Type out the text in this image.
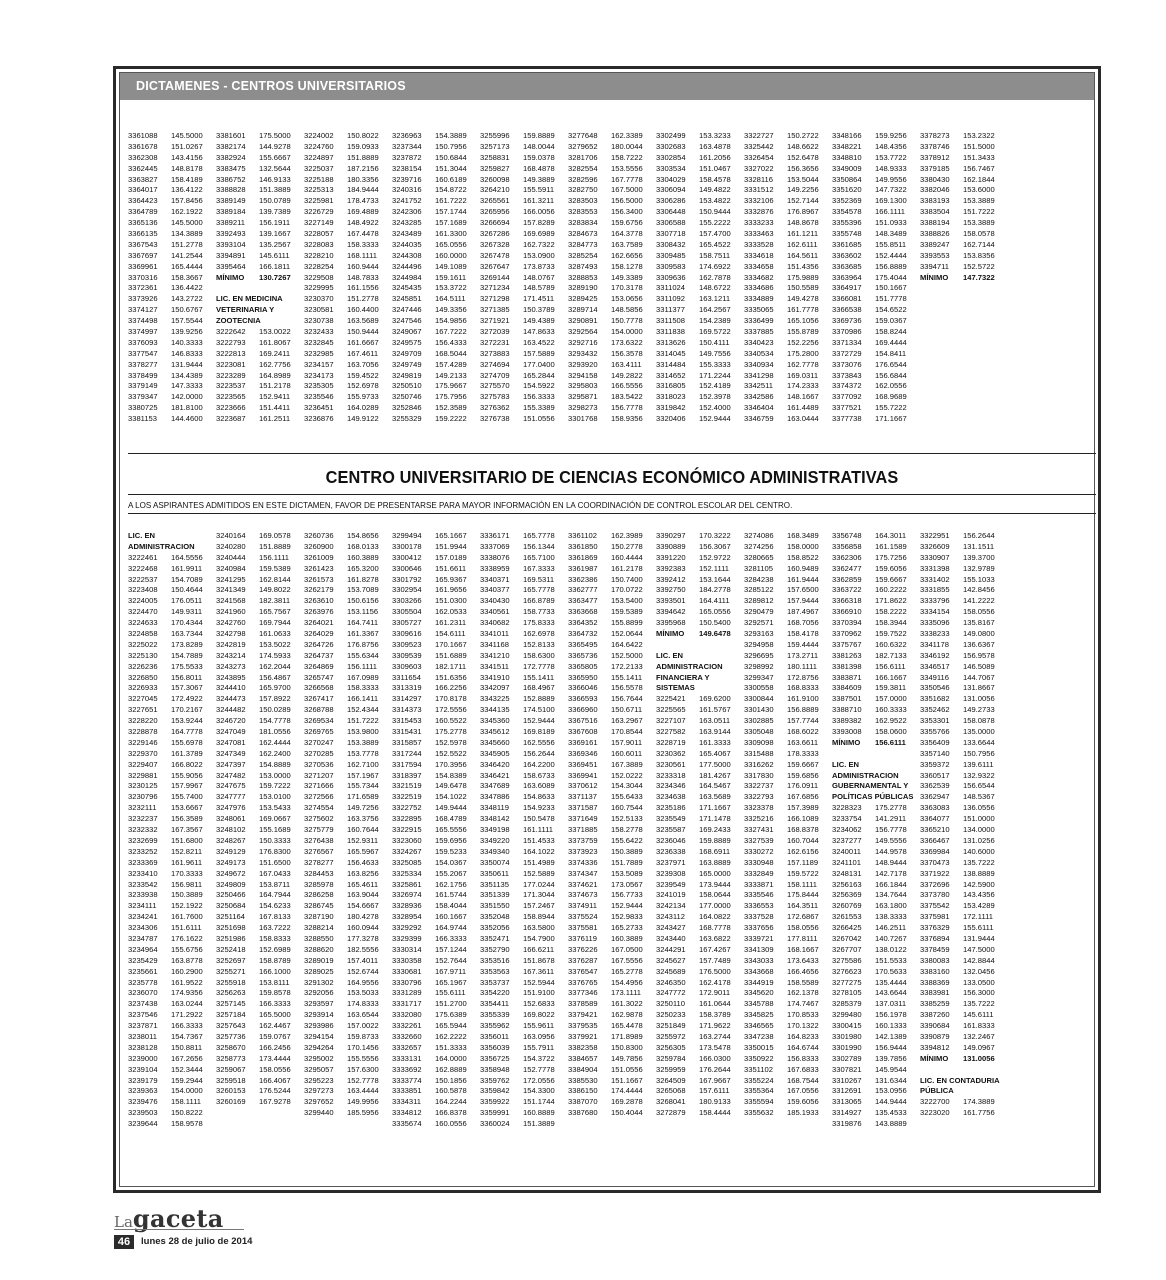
DICTAMENES - CENTROS UNIVERSITARIOS
3361088	145.5000
3361678	151.0267
3362308	143.4156
3362445	148.8178
3363827	158.4189
3364017	136.4122
3364423	157.8456
3364789	162.1922
3365136	145.5000
3366135	134.3889
3367543	151.2778
3367697	141.2544
3369961	165.4444
3370316	158.3667
3372361	136.4422
3373926	143.2722
3374127	150.6767
3374498	157.5544
3374997	139.9256
3376093	140.3333
3377547	146.8333
3378277	131.9444
3378499	134.4389
3379149	147.3333
3379347	142.0000
3380725	181.8100
3381153	144.4600
3381601	175.5000
3382174	144.9278
3382924	155.6667
3383475	132.5644
3386752	146.9133
3388828	151.3889
3389149	150.0789
3389184	139.7389
3389211	156.1911
3392493	139.1667
3393104	135.2567
3394891	145.6111
3395464	166.1811
MÍNIMO	130.7267
LIC. EN MEDICINA
VETERINARIA Y
ZOOTECNIA
3222642	153.0022
3222793	161.8067
3222813	169.2411
3223081	162.7756
3223289	164.8989
3223537	151.2178
3223565	152.9411
3223666	151.4411
3223687	161.2511
3224002	150.8022
3224760	159.0933
3224897	151.8889
3225037	187.2156
3225188	180.3356
3225313	184.9444
3225981	178.4733
3226729	169.4889
3227149	148.4922
3228057	167.4478
3228083	158.3333
3228210	168.1111
3228254	160.9444
3229508	148.7833
3229995	161.1556
3230370	151.2778
3230581	160.4400
3230738	163.5689
3232433	150.9444
3232845	161.6667
3232985	167.4611
3234157	163.7056
3234173	159.4522
3235305	152.6978
3235546	155.9733
3236451	164.0289
3236876	149.9122
3236963	154.3889
3237344	150.7956
3237872	150.6844
3238154	151.3044
3239716	160.6189
3240316	154.8722
3241752	161.7222
3242306	157.1744
3243285	157.1689
3243489	161.3300
3244035	165.0556
3244308	160.0000
3244496	149.1089
3244984	159.1611
3245435	153.3722
3245851	164.5111
3247446	149.3356
3247546	154.9856
3249067	167.7222
3249575	156.4333
3249709	168.5044
3249749	157.4289
3249819	149.2133
3250510	175.9667
3250746	175.7956
3252846	152.3589
3255329	159.2222
3255996	159.8889
3257173	148.0044
3258831	159.0378
3259827	168.4878
3260098	149.3889
3264210	155.5911
3265561	161.3211
3265956	166.0056
3266694	157.8289
3267286	169.6989
3267328	162.7322
3267478	153.0900
3267647	173.8733
3269144	148.0767
3271234	148.5789
3271298	171.4511
3271385	150.3789
3271921	149.4389
3272039	147.8633
3272231	163.4522
3273883	157.5889
3274694	177.0400
3274709	165.2844
3275570	154.5922
3275783	156.3333
3276362	155.3389
3276738	151.0556
3277648	162.3389
3279652	180.0044
3281706	158.7222
3282554	153.5556
3282596	167.7778
3282750	167.5000
3283503	156.5000
3283553	156.3400
3283834	159.6756
3284673	164.3778
3284773	163.7589
3285254	162.6656
3287493	158.1278
3288853	149.3389
3289190	170.3178
3289425	153.0656
3289714	148.5856
3290891	150.7778
3292564	154.0000
3292716	173.6322
3293432	156.3578
3293920	163.4111
3294158	149.2822
3295803	166.5556
3295871	183.5422
3298273	156.7778
3301768	158.9356
3302499	153.3233
3302683	163.4878
3302854	161.2056
3303534	151.0467
3304029	158.4578
3306094	149.4822
3306286	153.4822
3306448	150.9444
3306588	155.2222
3307718	157.4700
3308432	165.4522
3309485	158.7511
3309583	174.6922
3309636	162.7878
3311024	148.6722
3311092	163.1211
3311377	164.2567
3311508	154.2389
3311838	169.5722
3313626	150.4111
3314045	149.7556
3314484	155.3333
3314652	171.2244
3316805	152.4189
3318023	152.3978
3319842	152.4000
3320406	152.9444
3322727	150.2722
3325442	148.6622
3326454	152.6478
3327022	156.3656
3328116	153.5044
3331512	149.2256
3332106	152.7144
3332876	176.8967
3333233	148.8678
3333463	161.1211
3333528	162.6111
3334618	164.5611
3334658	151.4356
3334682	175.9889
3334686	150.5589
3334889	149.4278
3335065	161.7778
3336499	165.1056
3337885	155.8789
3340423	152.2256
3340534	175.2800
3340934	162.7778
3341298	169.0311
3342511	174.2333
3342586	148.1667
3346404	161.4489
3346759	163.0444
3348166	159.9256
3348221	148.4356
3348810	153.7722
3349009	148.9333
3350864	149.9556
3351620	147.7322
3352369	169.1300
3354578	166.1111
3355396	151.0933
3355748	148.3489
3361685	155.8511
3363602	152.4444
3363685	156.8889
3363964	175.4044
3364917	150.1667
3366081	151.7778
3366538	154.6522
3369736	159.0367
3370986	158.8244
3371334	169.4444
3372729	154.8411
3373076	176.6544
3373843	156.6844
3374372	162.0556
3377092	168.9689
3377521	155.7222
3377738	171.1667
3378273	153.2322
3378746	151.5000
3378912	151.3433
3379185	156.7467
3380430	162.1844
3382046	153.6000
3383193	153.3889
3383504	151.7222
3388194	153.3889
3388826	158.0578
3389247	162.7144
3393553	153.8356
3394711	152.5722
MÍNIMO	147.7322
CENTRO UNIVERSITARIO DE CIENCIAS ECONÓMICO ADMINISTRATIVAS
A LOS ASPIRANTES ADMITIDOS EN ESTE DICTAMEN, FAVOR DE PRESENTARSE PARA MAYOR INFORMACIÓN EN LA COORDINACIÓN DE CONTROL ESCOLAR DEL CENTRO.
LIC. EN
ADMINISTRACION
3222461	164.5556
3222468	161.9911
3222537	154.7089
3223408	150.4644
3224005	176.0511
3224470	149.9311
3224633	170.4344
3224858	163.7344
3225022	173.8289
3225130	154.7889
3226236	175.5533
3226850	156.8011
3226933	157.3067
3227045	172.4922
3227651	170.2167
3228220	153.9244
3228878	164.7778
3229146	155.6978
3229370	161.3789
3229407	166.8022
3229881	155.9056
3230125	157.9967
3230796	155.7400
3232111	153.6667
3232237	156.3589
3232332	167.3567
3232699	151.6800
3233252	152.8211
3233369	161.9611
3233410	170.3333
3233542	156.9811
3233938	150.3889
3234111	152.1922
3234241	161.7600
3234306	151.6111
3234787	176.1622
3234964	155.6756
3235429	163.8778
3235661	160.2900
3235778	161.9522
3236070	174.9356
3237438	163.0244
3237546	171.2922
3237871	166.3333
3238011	154.7367
3238128	150.8811
3239000	167.2656
3239104	152.3444
3239179	159.2944
3239363	154.0000
3239476	158.1111
3239503	150.8222
3239644	158.9578
3240164	169.0578
3240280	151.8889
3240444	156.1111
3240984	159.5389
3241295	162.8144
3241349	149.8022
3241568	182.3811
3241960	165.7567
3242760	169.7944
3242798	161.0633
3242819	153.5022
3243214	174.5933
3243273	162.2044
3243895	156.4867
3244410	165.9700
3244473	157.8922
3244482	150.0289
3246720	154.7778
3247049	181.0556
3247081	162.4444
3247349	162.2400
3247397	154.8889
3247482	153.0000
3247675	159.7222
3247777	153.0100
3247976	153.5433
3248061	169.0667
3248102	155.1689
3248267	150.3333
3249129	176.8300
3249173	151.6500
3249672	167.0433
3249809	153.8711
3250466	164.7944
3250684	154.6233
3251164	167.8133
3251698	163.7222
3251986	158.8333
3252418	152.6989
3252697	158.8789
3255271	166.1000
3255918	153.8111
3256263	159.8578
3257145	166.3333
3257184	165.5000
3257643	162.4467
3257736	159.0767
3258670	166.2456
3258773	173.4444
3259067	158.0556
3259518	166.4067
3260153	176.5244
3260169	167.9278
3260736	154.8656
3260900	168.0133
3261009	160.3889
3261423	165.3200
3261573	161.8278
3262179	153.7089
3263610	150.6156
3263976	153.1156
3264021	164.7411
3264029	161.3367
3264726	176.8756
3264737	155.6344
3264869	156.1111
3265747	167.0989
3266568	158.3333
3267417	166.1411
3268788	152.4344
3269534	151.7222
3269765	153.9800
3270247	153.3889
3270285	153.7778
3270536	162.7100
3271207	157.1967
3271666	155.7344
3272566	171.6589
3274554	149.7256
3275602	163.3756
3275779	160.7644
3276438	152.9311
3276567	165.5967
3278277	156.4633
3284453	163.8256
3285978	165.4611
3286258	163.9044
3286745	154.6667
3287190	180.4278
3288214	160.0944
3288550	177.3278
3288620	182.5556
3289019	157.4011
3289025	152.6744
3291302	164.9556
3292056	153.5033
3293597	174.8333
3293914	163.6544
3293986	157.0022
3294154	159.8733
3294264	170.1456
3295002	155.5556
3295057	157.6300
3295223	152.7778
3297273	163.4444
3297652	149.9956
3299440	185.5956
3299494	165.1667
3300178	151.9944
3300412	157.0189
3300646	151.6611
3301792	165.9367
3302954	161.9656
3303266	151.0300
3305504	162.0533
3305727	161.2311
3309616	154.6111
3309523	170.1667
3309539	151.6889
3309603	182.1711
3311654	151.6356
3313319	166.2256
3314297	170.8178
3314373	172.5556
3315453	160.5522
3315431	175.2778
3315857	152.5978
3317244	152.5522
3317594	170.3956
3318397	154.8389
3321519	149.6478
3322519	154.1022
3322752	149.9444
3322895	168.4789
3322915	165.5556
3323060	159.6956
3324267	159.5233
3325085	154.0367
3325334	155.2067
3325861	162.1756
3326974	161.5744
3328936	158.4044
3328954	160.1667
3329292	164.9744
3329399	166.3333
3330314	157.1244
3330358	152.7644
3330681	167.9711
3330796	165.1967
3331289	155.6111
3331717	151.2700
3332080	175.6389
3332261	165.5944
3332660	162.2222
3332657	151.3333
3333131	164.0000
3333692	162.8889
3333774	150.1856
3333851	160.5878
3334311	164.2244
3334812	166.8378
3335674	160.0556
3336171	165.7778
3337069	156.1344
3338076	165.7100
3338959	167.3333
3340371	169.5311
3340377	165.7778
3340430	166.8789
3340561	158.7733
3340682	175.8333
3341011	162.6978
3341168	152.8133
3341210	158.6300
3341511	172.7778
3341910	155.1411
3342097	168.4967
3343225	152.8889
3344135	174.5100
3345360	152.9444
3345612	169.8189
3345660	162.5556
3345905	156.2644
3346420	164.2200
3346421	158.6733
3347689	163.6089
3347886	154.8633
3348119	154.9233
3348142	150.5478
3349198	161.1111
3349220	151.4533
3349340	164.1022
3350074	151.4989
3350611	152.5889
3351135	177.0244
3351339	171.3044
3351550	157.2467
3352048	158.8944
3352056	163.5800
3352471	154.7900
3352790	166.6211
3353516	151.8678
3353563	167.3611
3353737	152.5944
3354220	151.9100
3354411	152.6833
3355339	169.8022
3355962	155.9611
3356011	163.0956
3356039	155.7911
3356725	154.3722
3358948	152.7778
3359762	172.0556
3359842	154.3300
3359922	151.1744
3359991	160.8889
3360024	151.3889
3361102	162.3989
3361850	150.2778
3361869	160.4444
3361987	161.2178
3362386	150.7400
3362777	170.0722
3363477	153.5400
3363668	159.5389
3364352	155.8899
3364732	152.0644
3365495	164.6422
3365736	152.5000
3365805	172.2133
3365950	155.1411
3366046	156.5578
3366593	156.7644
3366960	150.6711
3367516	163.2967
3367608	170.8544
3369161	157.9011
3369346	160.6011
3369451	167.3889
3369941	152.0222
3370612	154.3044
3371137	155.6433
3371587	160.7544
3371649	152.5133
3371885	158.2778
3373759	155.6422
3373923	150.3889
3374336	151.7889
3374347	153.5089
3374621	173.0567
3374673	156.7733
3374911	152.9444
3375524	152.9833
3375581	165.2733
3376119	160.3889
3376226	167.0500
3376287	167.5556
3376547	165.2778
3376765	154.4956
3377346	173.1111
3378589	161.3022
3379421	162.9878
3379535	165.4478
3379921	171.8989
3382358	150.8300
3384657	149.7856
3384904	151.0556
3385530	151.1667
3386150	174.4444
3387070	169.2878
3387680	150.4044
3390297	170.3222
3390889	156.3067
3391220	152.9722
3392383	152.1111
3392412	153.1644
3392750	184.2778
3393501	164.4111
3394642	165.0556
3395968	150.5400
MÍNIMO	149.6478
LIC. EN
ADMINISTRACION
FINANCIERA Y
SISTEMAS
3225421	169.6200
3225565	161.5767
3227107	163.0511
3227582	163.9144
3228719	161.3333
3230362	165.4067
3230561	177.5000
3233318	181.4267
3234346	164.5467
3234638	163.5689
3235186	171.1667
3235549	171.1478
3235587	169.2433
3236046	159.8889
3236338	168.6911
3237971	163.8889
3239308	165.0000
3239549	173.9444
3241019	158.0644
3242134	177.0000
3243112	164.0822
3243427	168.7778
3243440	163.6822
3244291	167.4267
3245627	157.7489
3245689	176.5000
3246350	162.4178
3247772	172.9011
3250110	161.0644
3250233	158.3789
3251849	171.9622
3255972	163.2744
3256305	173.5478
3259784	166.0300
3259959	176.2644
3264509	167.9667
3265068	157.6111
3268041	180.9133
3272879	158.4444
3274086	168.3489
3274256	158.0000
3280665	158.8522
3281105	160.9489
3284238	161.9444
3285122	157.6500
3289812	157.9444
3290479	187.4967
3292571	168.7056
3293163	158.4178
3294958	159.4444
3296695	173.2711
3298992	180.1111
3299347	172.8756
3300558	168.8333
3300844	161.9100
3301430	156.8889
3302885	157.7744
3305048	168.6022
3309098	163.6611
3315488	178.3333
3316262	159.6667
3317830	159.6856
3322737	176.0911
3322793	167.6856
3323378	157.3989
3325216	166.1089
3327431	168.8378
3327539	160.7044
3330272	162.6156
3330948	157.1189
3332849	159.5722
3333871	158.1111
3335546	175.8444
3336553	164.3511
3337528	172.6867
3337656	158.0556
3339721	177.8111
3341309	168.1667
3343033	173.6433
3343668	166.4656
3344919	158.5589
3345620	162.1378
3345788	174.7467
3345825	170.8533
3346565	170.1322
3347238	164.8233
3350015	164.6744
3350922	156.8333
3351102	167.6833
3355224	168.7544
3355364	167.0556
3355594	159.6056
3355632	185.1933
3356748	164.3011
3356858	161.1589
3362306	175.7256
3362477	159.6056
3362859	159.6667
3363722	160.2222
3366318	171.8622
3366910	158.2222
3370394	158.3944
3370962	159.7522
3375767	160.6322
3381263	182.7133
3381398	156.6111
3383871	166.1667
3384609	159.3811
3387501	157.0000
3388710	160.3333
3389382	162.9522
3393008	158.0600
MÍNIMO	156.6111
LIC. EN
ADMINISTRACION
GUBERNAMENTAL Y
POLÍTICAS PÚBLICAS
3228323	175.2778
3233754	141.2911
3234062	156.7778
3237277	149.5556
3240011	144.9578
3241101	148.9444
3248131	142.7178
3256163	166.1844
3256369	134.7644
3260769	163.1800
3261553	138.3333
3266425	146.2511
3267042	140.7267
3267707	138.0122
3275586	151.5533
3276623	170.5633
3277275	135.4444
3278105	143.6644
3285379	137.0311
3299480	156.1978
3300415	160.1333
3301980	142.1389
3301990	156.9444
3302789	139.7856
3307821	145.9544
3310267	131.6344
3312691	153.0956
3313065	144.9444
3314927	135.4533
3319876	143.8889
3322951	156.2644
3326609	131.1511
3330907	139.3700
3331398	132.9789
3331402	155.1033
3331855	142.8456
3333796	141.2222
3334154	158.0556
3335096	135.8167
3338233	149.0800
3341178	136.6367
3346192	156.9578
3346517	146.5089
3349116	144.7067
3350546	131.8667
3351682	131.0056
3352462	149.2733
3353301	158.0878
3355766	135.0000
3356409	133.6644
3357140	150.7956
3359372	139.6111
3360517	132.9322
3362539	156.6544
3362947	148.5367
3363083	136.0556
3364077	151.0000
3365210	134.0000
3366467	131.0256
3369984	140.6000
3370473	135.7222
3371922	138.8889
3372696	142.5900
3373780	143.4356
3375542	153.4289
3375981	172.1111
3376329	155.6111
3376894	131.9444
3378459	147.5000
3380083	142.8844
3383160	132.0456
3388369	133.0500
3383981	156.3000
3385259	135.7222
3387260	145.6111
3390684	161.8333
3390879	132.2467
3394812	149.0967
MÍNIMO	131.0056
LIC. EN CONTADURIA
PÚBLICA
3222700	174.3889
3223020	161.7756
Lagaceta
46	lunes 28 de julio de 2014
